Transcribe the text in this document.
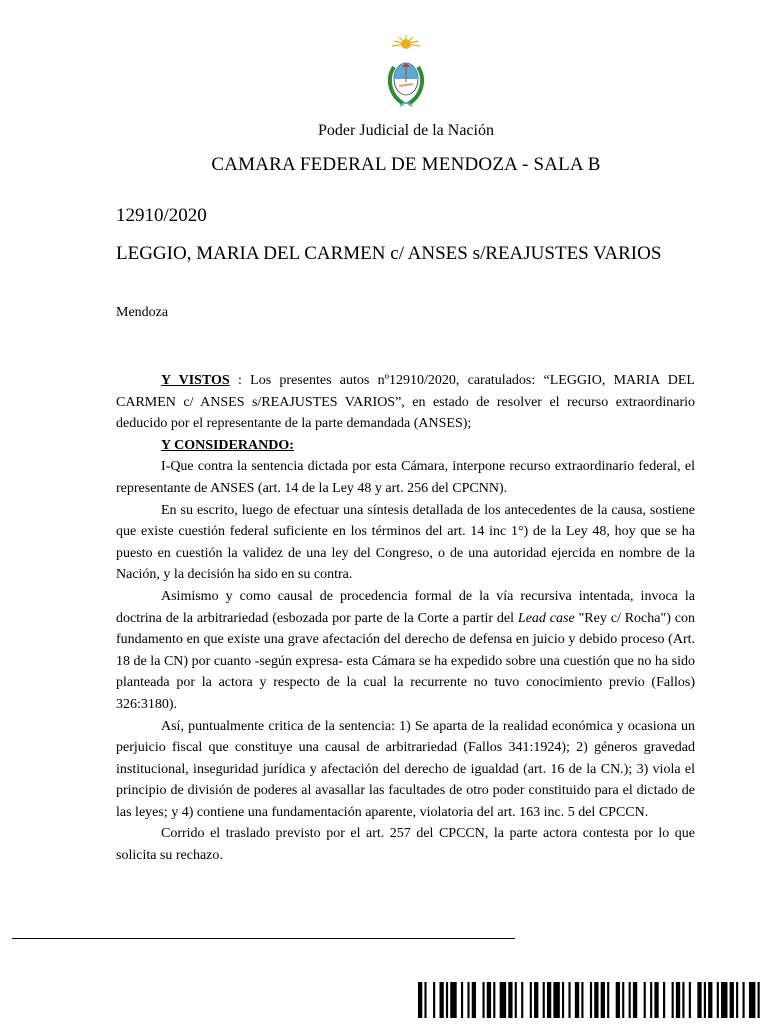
Poder Judicial de la Nación
CAMARA FEDERAL DE MENDOZA - SALA B
12910/2020
LEGGIO, MARIA DEL CARMEN c/ ANSES s/REAJUSTES VARIOS
Mendoza

Y VISTOS : Los presentes autos nº12910/2020, caratulados: “LEGGIO, MARIA DEL CARMEN c/ ANSES s/REAJUSTES VARIOS”, en estado de resolver el recurso extraordinario deducido por el representante de la parte demandada (ANSES);

Y CONSIDERANDO:

I-Que contra la sentencia dictada por esta Cámara, interpone recurso extraordinario federal, el representante de ANSES (art. 14 de la Ley 48 y art. 256 del CPCNN).

En su escrito, luego de efectuar una síntesis detallada de los antecedentes de la causa, sostiene que existe cuestión federal suficiente en los términos del art. 14 inc 1°) de la Ley 48, hoy que se ha puesto en cuestión la validez de una ley del Congreso, o de una autoridad ejercida en nombre de la Nación, y la decisión ha sido en su contra.

Asimismo y como causal de procedencia formal de la vía recursiva intentada, invoca la doctrina de la arbitrariedad (esbozada por parte de la Corte a partir del Lead case "Rey c/ Rocha") con fundamento en que existe una grave afectación del derecho de defensa en juicio y debido proceso (Art. 18 de la CN) por cuanto -según expresa- esta Cámara se ha expedido sobre una cuestión que no ha sido planteada por la actora y respecto de la cual la recurrente no tuvo conocimiento previo (Fallos) 326:3180).

Así, puntualmente critica de la sentencia: 1) Se aparta de la realidad económica y ocasiona un perjuicio fiscal que constituye una causal de arbitrariedad (Fallos 341:1924); 2) géneros gravedad institucional, inseguridad jurídica y afectación del derecho de igualdad (art. 16 de la CN.); 3) viola el principio de división de poderes al avasallar las facultades de otro poder constituido para el dictado de las leyes; y 4) contiene una fundamentación aparente, violatoria del art. 163 inc. 5 del CPCCN.

Corrido el traslado previsto por el art. 257 del CPCCN, la parte actora contesta por lo que solicita su rechazo.
